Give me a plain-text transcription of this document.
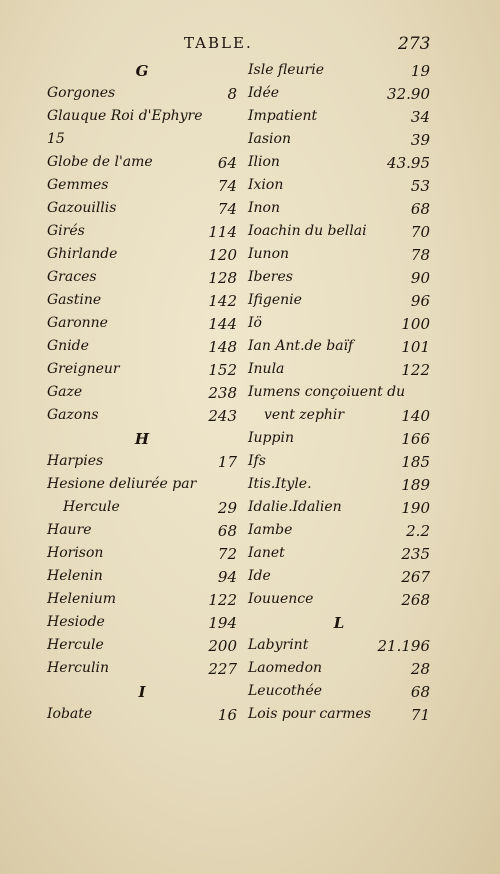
TABLE.	273
G
Gorgones	8
Glauque Roi d'Ephyre
15
Globe de l'ame	64
Gemmes	74
Gazouillis	74
Girés	114
Ghirlande	120
Graces	128
Gastine	142
Garonne	144
Gnide	148
Greigneur	152
Gaze	238
Gazons	243
H
Harpies	17
Hesione deliurée par
Hercule	29
Haure	68
Horison	72
Helenin	94
Helenium	122
Hesiode	194
Hercule	200
Herculin	227
I
Iobate	16
Isle fleurie	19
Idée	32.90
Impatient	34
Iasion	39
Ilion	43.95
Ixion	53
Inon	68
Ioachin du bellai	70
Iunon	78
Iberes	90
Ifigenie	96
Iö	100
Ian Ant.de baïf	101
Inula	122
Iumens conçoiuent du
vent zephir	140
Iuppin	166
Ifs	185
Itis.Ityle.	189
Idalie.Idalien	190
Iambe	2.2
Ianet	235
Ide	267
Iouuence	268
L
Labyrint	21.196
Laomedon	28
Leucothée	68
Lois pour carmes	71
